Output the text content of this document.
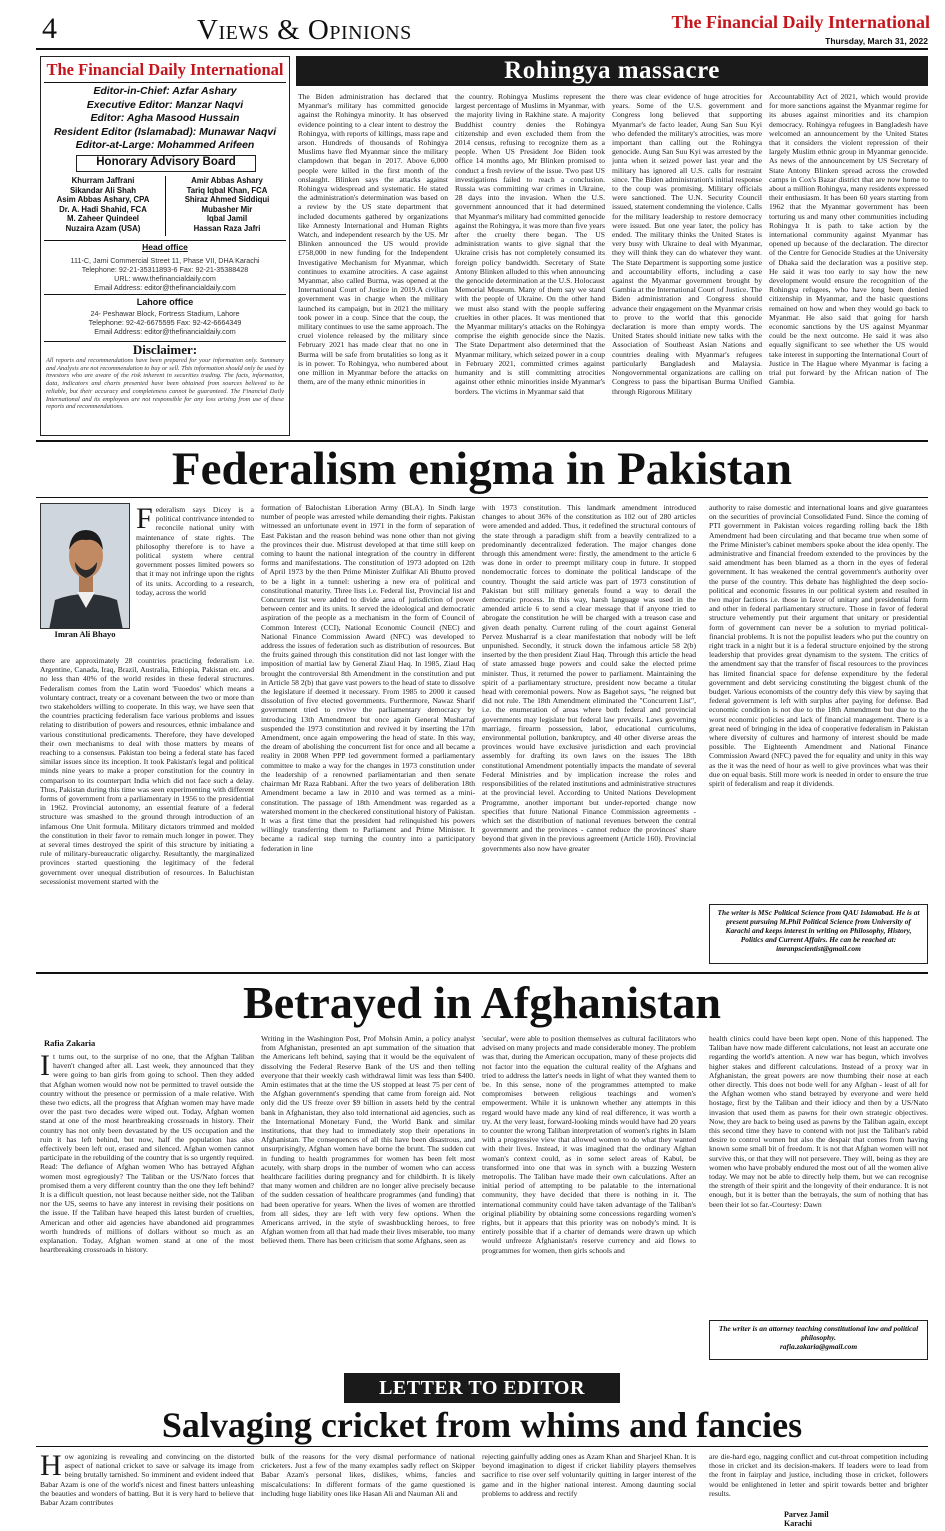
4	Views & Opinions	The Financial Daily International
Thursday, March 31, 2022
The Financial Daily International

Editor-in-Chief: Azfar Ashary

Executive Editor: Manzar Naqvi

Editor: Agha Masood Hussain

Resident Editor (Islamabad): Munawar Naqvi

Editor-at-Large: Mohammed Arifeen

Honorary Advisory Board
Khurram Jaffrani
Sikandar Ali Shah
Asim Abbas Ashary, CPA
Dr. A. Hadi Shahid, FCA
M. Zaheer Quindeel
Nuzaira Azam (USA)
Amir Abbas Ashary
Tariq Iqbal Khan, FCA
Shiraz Ahmed Siddiqui
Mubasher Mir
Iqbal Jamil
Hassan Raza Jafri
Head office
111-C, Jami Commercial Street 11, Phase VII, DHA Karachi
Telephone: 92-21-35311893-6 Fax: 92-21-35388428
URL: www.thefinancialdaily.com
Email Address: editor@thefinancialdaily.com
Lahore office
24- Peshawar Block, Fortress Stadium, Lahore
Telephone: 92-42-6675595 Fax: 92-42-6664349
Email Address: editor@thefinancialdaily.com
Disclaimer:
All reports and recommendations have been prepared for your information only. Summary and Analysis are not recommendation to buy or sell. This information should only be used by investors who are aware of the risk inherent in securities trading. The facts, information, data, indicators and charts presented have been obtained from sources believed to be reliable, but their accuracy and completeness cannot be guaranteed. The Financial Daily International and its employees are not responsible for any loss arising from use of these reports and recommendations.
Rohingya massacre

The Biden administration has declared that Myanmar's military has committed genocide against the Rohingya minority. It has observed evidence pointing to a clear intent to destroy the Rohingya, with reports of killings, mass rape and arson. Hundreds of thousands of Rohingya Muslims have fled Myanmar since the military clampdown that began in 2017. Above 6,000 people were killed in the first month of the onslaught. Blinken says the attacks against Rohingya widespread and systematic. He stated the administration's determination was based on a review by the US state department that included documents gathered by organizations like Amnesty International and Human Rights Watch, and independent research by the US. Mr Blinken announced the US would provide £758,000 in new funding for the Independent Investigative Mechanism for Myanmar, which continues to examine atrocities. A case against Myanmar, also called Burma, was opened at the International Court of Justice in 2019.A civilian government was in charge when the military launched its campaign, but in 2021 the military took power in a coup. Since that the coup, the military continues to use the same approach. The cruel violence released by the military since February 2021 has made clear that no one in Burma will be safe from brutalities so long as it is in power. To Rohingya, who numbered about one million in Myanmar before the attacks on them, are of the many ethnic minorities in

the country. Rohingya Muslims represent the largest percentage of Muslims in Myanmar, with the majority living in Rakhine state. A majority Buddhist country denies the Rohingya citizenship and even excluded them from the 2014 census, refusing to recognize them as a people. When US President Joe Biden took office 14 months ago, Mr Blinken promised to conduct a fresh review of the issue. Two past US investigations failed to reach a conclusion. Russia was committing war crimes in Ukraine, 28 days into the invasion. When the U.S. government announced that it had determined that Myanmar's military had committed genocide against the Rohingya, it was more than five years after the cruelty there began. The US administration wants to give signal that the Ukraine crisis has not completely consumed its foreign policy bandwidth. Secretary of State Antony Blinken alluded to this when announcing the genocide determination at the U.S. Holocaust Memorial Museum. Many of them say we stand with the people of Ukraine. On the other hand we must also stand with the people suffering cruelties in other places. It was mentioned that the Myanmar military's attacks on the Rohingya comprise the eighth genocide since the Nazis. The State Department also determined that the Myanmar military, which seized power in a coup in February 2021, committed crimes against humanity and is still committing atrocities against other ethnic minorities inside Myanmar's borders. The victims in Myanmar said that

there was clear evidence of huge atrocities for years. Some of the U.S. government and Congress long believed that supporting Myanmar's de facto leader, Aung San Suu Kyi who defended the military's atrocities, was more important than calling out the Rohingya genocide. Aung San Suu Kyi was arrested by the junta when it seized power last year and the military has ignored all U.S. calls for restraint since. The Biden administration's initial response to the coup was promising. Military officials were sanctioned. The U.N. Security Council issued, statement condemning the violence. Calls for the military leadership to restore democracy were issued. But one year later, the policy has ended. The military thinks the United States is very busy with Ukraine to deal with Myanmar, they will think they can do whatever they want. The State Department is supporting some justice and accountability efforts, including a case against the Myanmar government brought by Gambia at the International Court of Justice. The Biden administration and Congress should advance their engagement on the Myanmar crisis to prove to the world that this genocide declaration is more than empty words. The United States should initiate new talks with the Association of Southeast Asian Nations and countries dealing with Myanmar's refugees particularly Bangladesh and Malaysia. Nongovernmental organizations are calling on Congress to pass the bipartisan Burma Unified through Rigorous Military

Accountability Act of 2021, which would provide for more sanctions against the Myanmar regime for its abuses against minorities and its champion democracy. Rohingya refugees in Bangladesh have welcomed an announcement by the United States that it considers the violent repression of their largely Muslim ethnic group in Myanmar genocide. As news of the announcement by US Secretary of State Antony Blinken spread across the crowded camps in Cox's Bazar district that are now home to about a million Rohingya, many residents expressed their enthusiasm. It has been 60 years starting from 1962 that the Myanmar government has been torturing us and many other communities including Rohingya It is path to take action by the international community against Myanmar has opened up because of the declaration. The director of the Centre for Genocide Studies at the University of Dhaka said the declaration was a positive step. He said it was too early to say how the new development would ensure the recognition of the Rohingya refugees, who have long been denied citizenship in Myanmar, and the basic questions remained on how and when they would go back to Myanmar. He also said that going for harsh economic sanctions by the US against Myanmar could be the next outcome. He said it was also equally significant to see whether the US would take interest in supporting the International Court of Justice in The Hague where Myanmar is facing a trial put forward by the African nation of The Gambia.

Federalism enigma in Pakistan
Imran Ali Bhayo
Federalism says Dicey is a political contrivance intended to reconcile national unity with maintenance of state rights. The philosophy therefore is to have a political system where central government posses limited powers so that it may not infringe upon the rights of its units. According to a research, today, across the world

there are approximately 28 countries practicing federalism i.e. Argentine, Canada, Iraq, Brazil, Australia, Ethiopia, Pakistan etc. and no less than 40% of the world resides in these federal structures. Federalism comes from the Latin word 'Fuoedos' which means a voluntary contract, treaty or a covenant between the two or more than two stakeholders willing to cooperate. In this way, we have seen that the countries practicing federalism face various problems and issues relating to distribution of powers and resources, ethnic imbalance and various constitutional predicaments. Therefore, they have developed their own mechanisms to deal with those matters by means of reaching to a consensus. Pakistan too being a federal state has faced similar issues since its inception. It took Pakistan's legal and political minds nine years to make a proper constitution for the country in comparison to its counterpart India which did not face such a delay. Thus, Pakistan during this time was seen experimenting with different forms of government from a parliamentary in 1956 to the presidential in 1962. Provincial autonomy, an essential feature of a federal structure was smashed to the ground through introduction of an infamous One Unit formula. Military dictators trimmed and molded the constitution in their favor to remain much longer in power. They at several times destroyed the spirit of this structure by initiating a rule of military-bureaucratic oligarchy. Resultantly, the marginalized provinces started questioning the legitimacy of the federal government over unequal distribution of resources. In Baluchistan secessionist movement started with the

formation of Balochistan Liberation Army (BLA). In Sindh large number of people was arrested while demanding their rights. Pakistan witnessed an unfortunate event in 1971 in the form of separation of East Pakistan and the reason behind was none other than not giving the provinces their due. Mistrust developed at that time still keep on coming to haunt the national integration of the country in different forms and manifestations. The constitution of 1973 adopted on 12th of April 1973 by the then Prime Minister Zulfikar Ali Bhutto proved to be a light in a tunnel: ushering a new era of political and constitutional maturity. Three lists i.e. Federal list, Provincial list and Concurrent list were added to divide area of jurisdiction of power between center and its units. It served the ideological and democratic aspiration of the people as a mechanism in the form of Council of Common Interest (CCI), National Economic Council (NEC) and National Finance Commission Award (NFC) was developed to address the issues of federation such as distribution of resources. But the fruits gained through this constitution did not last longer with the imposition of martial law by General Ziaul Haq. In 1985, Ziaul Haq brought the controversial 8th Amendment in the constitution and put in Article 58 2(b) that gave vast powers to the head of state to dissolve the legislature if deemed it necessary. From 1985 to 2000 it caused dissolution of five elected governments. Furthermore, Nawaz Sharif government tried to revive the parliamentary democracy by introducing 13th Amendment but once again General Musharraf suspended the 1973 constitution and revived it by inserting the 17th Amendment, once again empowering the head of state. In this way, the dream of abolishing the concurrent list for once and all became a reality in 2008 When PPP led government formed a parliamentary committee to make a way for the changes in 1973 constitution under the leadership of a renowned parliamentarian and then senate chairman Mr Raza Rabbani. After the two years of deliberation 18th Amendment became a law in 2010 and was termed as a mini-constitution. The passage of 18th Amendment was regarded as a watershed moment in the checkered constitutional history of Pakistan. It was a first time that the president had relinquished his powers willingly transferring them to Parliament and Prime Minister. It became a radical step turning the country into a participatory federation in line

with 1973 constitution. This landmark amendment introduced changes to about 36% of the constitution as 102 out of 280 articles were amended and added. Thus, it redefined the structural contours of the state through a paradigm shift from a heavily centralized to a predominantly decentralized federation. The major changes done through this amendment were: firstly, the amendment to the article 6 was done in order to preempt military coup in future. It stopped nondemocratic forces to dominate the political landscape of the country. Thought the said article was part of 1973 constitution of Pakistan but still military generals found a way to derail the democratic process. In this way, harsh language was used in the amended article 6 to send a clear message that if anyone tried to abrogate the constitution he will be charged with a treason case and given death penalty. Current ruling of the court against General Pervez Musharraf is a clear manifestation that nobody will be left unpunished. Secondly, it struck down the infamous article 58 2(b) inserted by the then president Ziaul Haq. Through this article the head of state amassed huge powers and could sake the elected prime minister. Thus, it returned the power to parliament. Maintaining the spirit of a parliamentary structure, president now became a titular head with ceremonial powers. Now as Bagehot says, "he reigned but did not rule. The 18th Amendment eliminated the "Concurrent List", i.e. the enumeration of areas where both federal and provincial governments may legislate but federal law prevails. Laws governing marriage, firearm possession, labor, educational curriculums, environmental pollution, bankruptcy, and 40 other diverse areas the provinces would have exclusive jurisdiction and each provincial assembly for drafting its own laws on the issues The 18th constitutional Amendment potentially impacts the mandate of several Federal Ministries and by implication increase the roles and responsibilities of the related institutions and administrative structures at the provincial level. According to United Nations Development Programme, another important but under-reported change now specifies that future National Finance Commission agreements - which set the distribution of national revenues between the central government and the provinces - cannot reduce the provinces' share beyond that given in the previous agreement (Article 160). Provincial governments also now have greater

authority to raise domestic and international loans and give guarantees on the securities of provincial Consolidated Fund. Since the coming of PTI government in Pakistan voices regarding rolling back the 18th Amendment had been circulating and that became true when some of the Prime Minister's cabinet members spoke about the idea openly. The administrative and financial freedom extended to the provinces by the said amendment has been blamed as a thorn in the eyes of federal government. It has weakened the central government's authority over the purse of the country. This debate has highlighted the deep socio-political and economic fissures in our political system and resulted in two major factions i.e. those in favor of unitary and presidential form and other in federal parliamentary structure. Those in favor of federal structure vehemently put their argument that unitary or presidential form of government can never be a solution to myriad political-financial problems. It is not the populist leaders who put the country on right track in a night but it is a federal structure enjoined by the strong leadership that provides great dynamism to the system. The critics of the amendment say that the transfer of fiscal resources to the provinces has limited financial space for defense expenditure by the federal government and debt servicing constituting the biggest chunk of the budget. Various economists of the country defy this view by saying that federal government is left with surplus after paying for defense. Bad economic condition is not due to the 18th Amendment but due to the worst economic policies and lack of financial management. There is a great need of bringing in the idea of cooperative federalism in Pakistan where diversity of cultures and harmony of interest should be made possible. The Eighteenth Amendment and National Finance Commission Award (NFC) paved the for equality and unity in this way as the it was the need of hour as well to give provinces what was their due on equal basis. Still more work is needed in order to ensure the true spirit of federalism and reap it dividends.

The writer is MSc Political Science from QAU Islamabad. He is at present pursuing M.Phil Political Science from University of Karachi and keeps interest in writing on Philosophy, History, Politics and Current Affairs. He can be reached at:
imranpscientist@gmail.com
Betrayed in Afghanistan
Rafia Zakaria
It turns out, to the surprise of no one, that the Afghan Taliban haven't changed after all. Last week, they announced that they were going to ban girls from going to school. Then they added that Afghan women would now not be permitted to travel outside the country without the presence or permission of a male relative. With these two edicts, all the progress that Afghan women may have made over the past two decades were wiped out. Today, Afghan women stand at one of the most heartbreaking crossroads in history. Their country has not only been devastated by the US occupation and the ruin it has left behind, but now, half the population has also effectively been left out, erased and silenced. Afghan women cannot participate in the rebuilding of the country that is so urgently required. Read: The defiance of Afghan women Who has betrayed Afghan women most egregiously? The Taliban or the US/Nato forces that promised them a very different country than the one they left behind? It is a difficult question, not least because neither side, not the Taliban nor the US, seems to have any interest in revising their positions on the issue. If the Taliban have heaped this latest burden of cruelties, American and other aid agencies have abandoned aid programmes worth hundreds of millions of dollars without so much as an explanation. Today, Afghan women stand at one of the most heartbreaking crossroads in history.

Writing in the Washington Post, Prof Mohsin Amin, a policy analyst from Afghanistan, presented an apt summation of the situation that the Americans left behind, saying that it would be the equivalent of dissolving the Federal Reserve Bank of the US and then telling everyone that their weekly cash withdrawal limit was less than $400. Amin estimates that at the time the US stopped at least 75 per cent of the Afghan government's spending that came from foreign aid. Not only did the US freeze over $9 billion in assets held by the central bank in Afghanistan, they also told international aid agencies, such as the International Monetary Fund, the World Bank and similar institutions, that they had to immediately stop their operations in Afghanistan. The consequences of all this have been disastrous, and unsurprisingly, Afghan women have borne the brunt. The sudden cut in funding to health programmes for women has been felt most acutely, with sharp drops in the number of women who can access healthcare facilities during pregnancy and for childbirth. It is likely that many women and children are no longer alive precisely because of the sudden cessation of healthcare programmes (and funding) that had been operative for years. When the lives of women are throttled from all sides, they are left with very few options. When the Americans arrived, in the style of swashbuckling heroes, to free Afghan women from all that had made their lives miserable, too many believed them. There has been criticism that some Afghans, seen as

'secular', were able to position themselves as cultural facilitators who advised on many projects and made considerable money. The problem was that, during the American occupation, many of these projects did not factor into the equation the cultural reality of the Afghans and tried to address the latter's needs in light of what they wanted them to be. In this sense, none of the programmes attempted to make compromises between religious teachings and women's empowerment. While it is unknown whether any attempts in this regard would have made any kind of real difference, it was worth a try. At the very least, forward-looking minds would have had 20 years to counter the wrong Taliban interpretation of women's rights in Islam with a progressive view that allowed women to do what they wanted with their lives. Instead, it was imagined that the ordinary Afghan woman's context could, as in some select areas of Kabul, be transformed into one that was in synch with a buzzing Western metropolis. The Taliban have made their own calculations. After an initial period of attempting to be palatable to the international community, they have decided that there is nothing in it. The international community could have taken advantage of the Taliban's original pliability by obtaining some concessions regarding women's rights, but it appears that this priority was on nobody's mind. It is entirely possible that if a charter of demands were drawn up which would unfreeze Afghanistan's reserve currency and aid flows to programmes for women, then girls schools and

health clinics could have been kept open. None of this happened. The Taliban have now made different calculations, not least an accurate one regarding the world's attention. A new war has begun, which involves higher stakes and different calculations. Instead of a proxy war in Afghanistan, the great powers are now thumbing their nose at each other directly. This does not bode well for any Afghan - least of all for the Afghan women who stand betrayed by everyone and were held hostage, first by the Taliban and their idiocy and then by a US/Nato invasion that used them as pawns for their own strategic objectives. Now, they are back to being used as pawns by the Taliban again, except this second time they have to contend with not just the Taliban's rabid desire to control women but also the despair that comes from having known some small bit of freedom. It is not that Afghan women will not survive this, or that they will not persevere. They will, being as they are women who have probably endured the most out of all the women alive today. We may not be able to directly help them, but we can recognise the strength of their spirit and the longevity of their endurance. It is not enough, but it is better than the betrayals, the sum of nothing that has been their lot so far.-Courtesy: Dawn

The writer is an attorney teaching constitutional law and political philosophy.
rafia.zakaria@gmail.com
LETTER TO EDITOR
Salvaging cricket from whims and fancies
How agonizing is revealing and convincing on the distorted aspect of national cricket to save or salvage its image from being brutally tarnished. So imminent and evident indeed that Babar Azam is one of the world's nicest and finest batters unleashing the beauties and wonders of batting. But it is very hard to believe that Babar Azam contributes

bulk of the reasons for the very dismal performance of national cricketers. Just a few of the many examples sadly reflect on Skipper Babar Azam's personal likes, dislikes, whims, fancies and miscalculations: In different formats of the game questioned is including huge liability ones like Hasan Ali and Nauman Ali and

rejecting gainfully adding ones as Azam Khan and Sharjeel Khan. It is beyond imagination to digest if cricket liability players themselves sacrifice to rise over self voluntarily quitting in larger interest of the game and in the higher national interest. Among daunting social problems to address and rectify

are die-hard ego, nagging conflict and cut-throat competition including those in cricket and its decision-makers. If leaders were to lead from the front in fairplay and justice, including those in cricket, followers would be enlightened in letter and spirit towards better and brighter results.

Parvez Jamil
Karachi
